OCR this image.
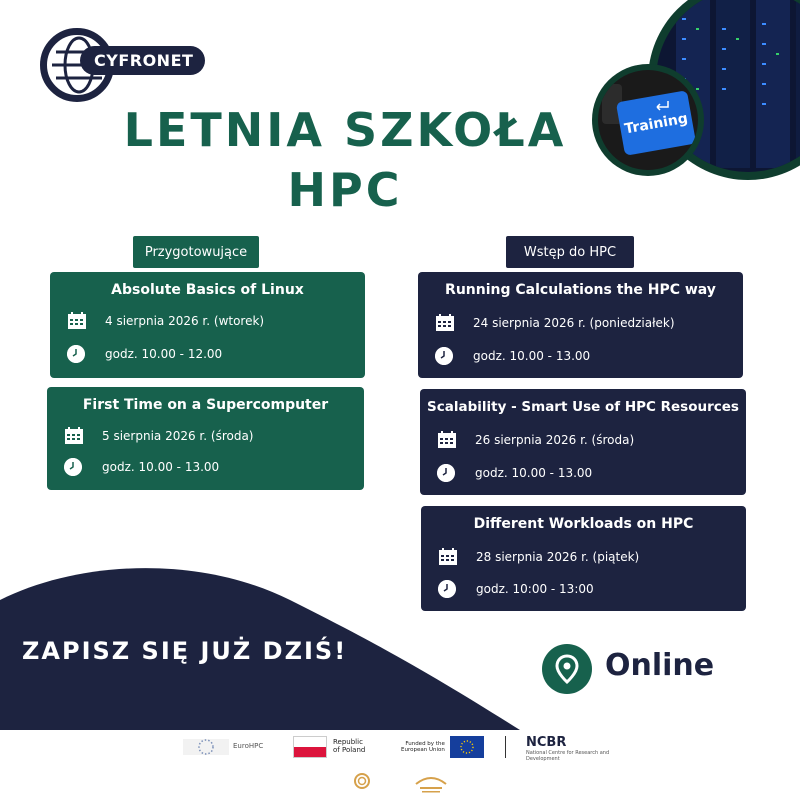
CYFRONET
LETNIA SZKOŁA
HPC
Training
Przygotowujące	Wstęp do HPC
Absolute Basics of Linux
4 sierpnia 2026 r. (wtorek)
godz. 10.00 - 12.00
First Time on a Supercomputer
5 sierpnia 2026 r. (środa)
godz. 10.00 - 13.00
Running Calculations the HPC way
24 sierpnia 2026 r. (poniedziałek)
godz. 10.00 - 13.00
Scalability - Smart Use of HPC Resources
26 sierpnia 2026 r. (środa)
godz. 10.00 - 13.00
Different Workloads on HPC
28 sierpnia 2026 r. (piątek)
godz. 10:00 - 13:00
ZAPISZ SIĘ JUŻ DZIŚ!	Online
EuroHPC	Republic
of Poland
Funded by the
European Union	NCBR
National Centre for Research and Development
